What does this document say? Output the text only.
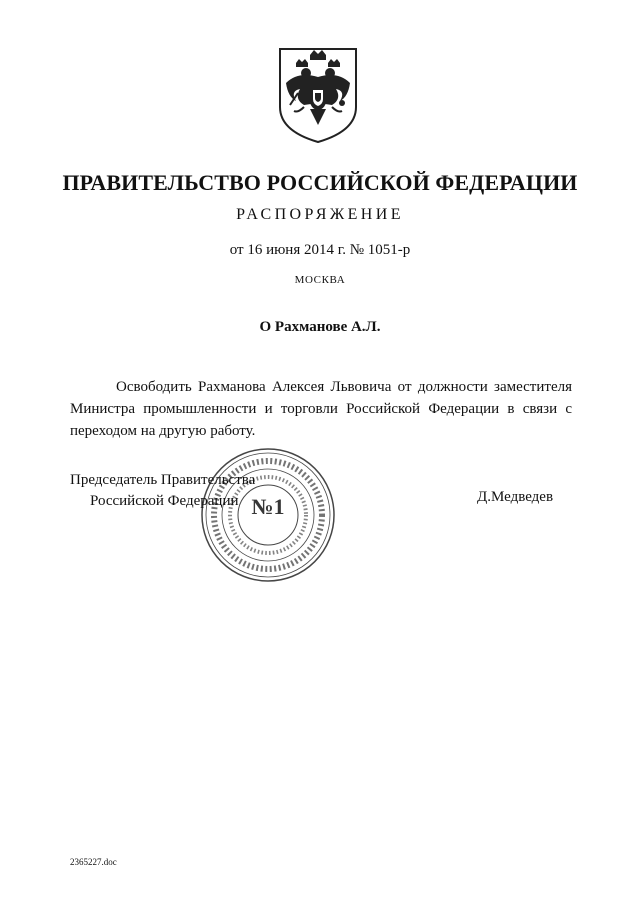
ПРАВИТЕЛЬСТВО РОССИЙСКОЙ ФЕДЕРАЦИИ
РАСПОРЯЖЕНИЕ
от 16 июня 2014 г. № 1051-р
МОСКВА
О Рахманове А.Л.
Освободить Рахманова Алексея Львовича от должности заместителя Министра промышленности и торговли Российской Федерации в связи с переходом на другую работу.
№1
Председатель Правительства
Российской Федерации	Д.Медведев
2365227.doc
